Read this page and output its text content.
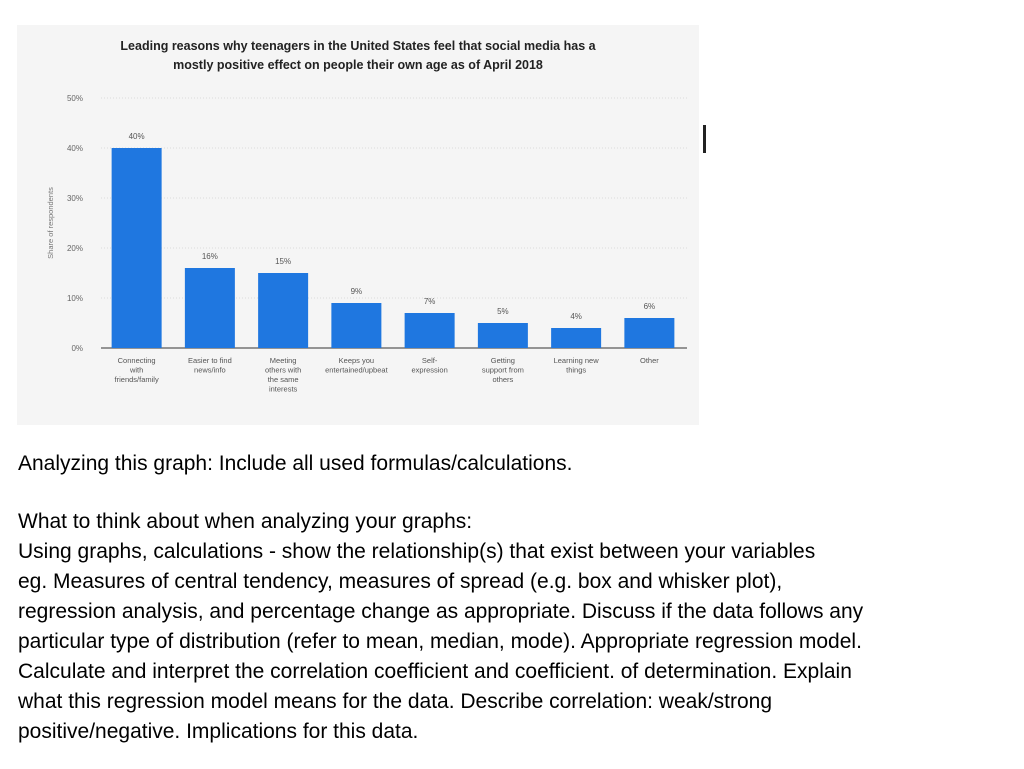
Leading reasons why teenagers in the United States feel that social media has a
mostly positive effect on people their own age as of April 2018
0%
10%
20%
30%
40%
50%
Share of respondents
40%
Connecting
with
friends/family
16%
Easier to find
news/info
15%
Meeting
others with
the same
interests
9%
Keeps you
entertained/upbeat
7%
Self-
expression
5%
Getting
support from
others
4%
Learning new
things
6%
Other

Analyzing this graph: Include all used formulas/calculations.

What to think about when analyzing your graphs:
Using graphs, calculations - show the relationship(s) that exist between your variables
eg. Measures of central tendency, measures of spread (e.g. box and whisker plot),
regression analysis, and percentage change as appropriate. Discuss if the data follows any
particular type of distribution (refer to mean, median, mode). Appropriate regression model.
Calculate and interpret the correlation coefficient and coefficient. of determination. Explain
what this regression model means for the data. Describe correlation: weak/strong
positive/negative. Implications for this data.
